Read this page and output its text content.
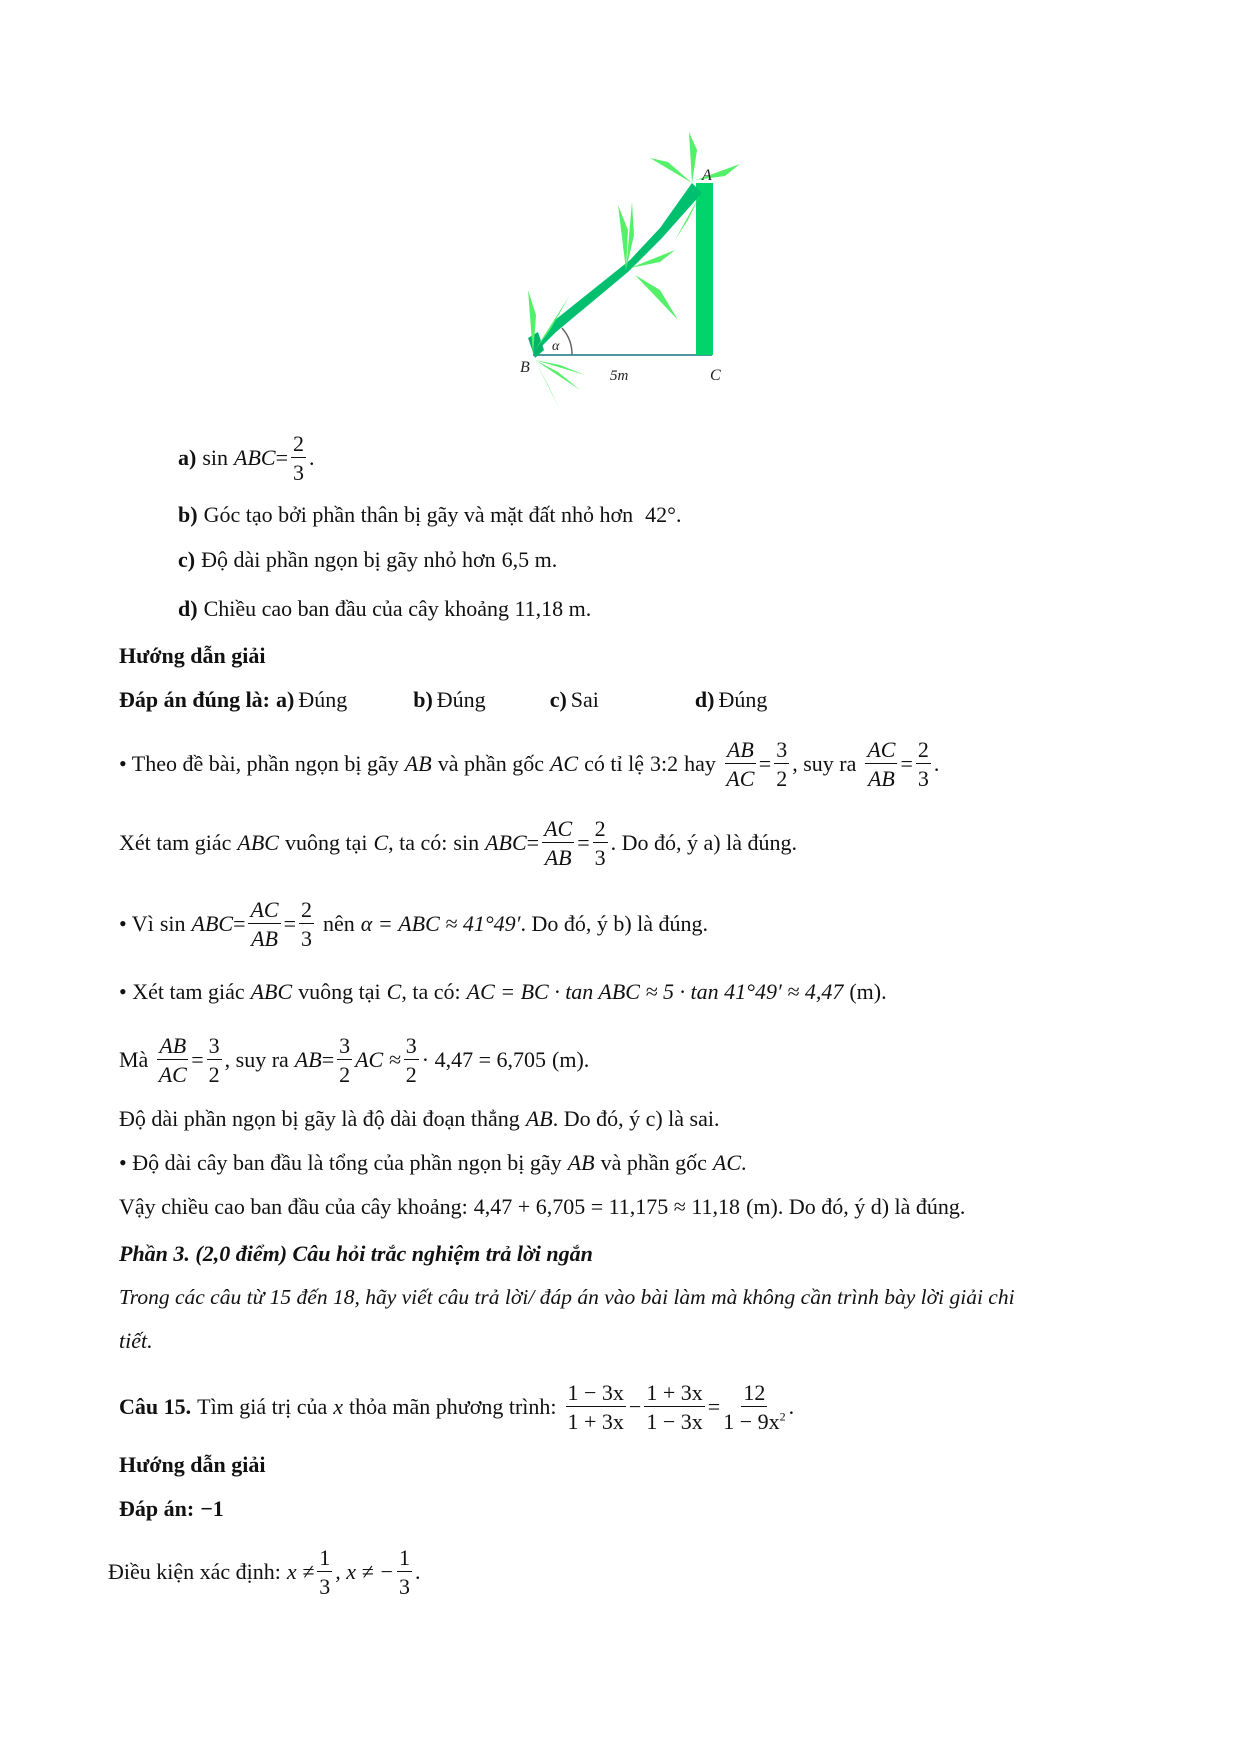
A
B	C
α
5m
a) sin ABC = $\frac{2}{3}$ .
b) Góc tạo bởi phần thân bị gãy và mặt đất nhỏ hơn 42° .
c) Độ dài phần ngọn bị gãy nhỏ hơn 6,5 m.
d) Chiều cao ban đầu của cây khoảng 11,18 m.
Hướng dẫn giải
Đáp án đúng là: a) Đúng	b) Đúng	c) Sai	d) Đúng
• Theo đề bài, phần ngọn bị gãy AB và phần gốc AC có tỉ lệ 3:2 hay $\frac{AB}{AC} = \frac{3}{2}$ , suy ra $\frac{AC}{AB} = \frac{2}{3}$ .
Xét tam giác ABC vuông tại C , ta có: sin ABC = $\frac{AC}{AB} = \frac{2}{3}$ . Do đó, ý a) là đúng.
• Vì sin ABC = $\frac{AC}{AB} = \frac{2}{3}$ nên α = ABC ≈ 41°49′ . Do đó, ý b) là đúng.
• Xét tam giác ABC vuông tại C , ta có: AC = BC · tan ABC ≈ 5 · tan 41°49′ ≈ 4,47 (m).
Mà $\frac{AB}{AC} = \frac{3}{2}$ , suy ra AB = $\frac{3}{2}$ AC ≈ $\frac{3}{2} \cdot 4,47 = 6,705$ (m).
Độ dài phần ngọn bị gãy là độ dài đoạn thẳng AB . Do đó, ý c) là sai.
• Độ dài cây ban đầu là tổng của phần ngọn bị gãy AB và phần gốc AC .
Vậy chiều cao ban đầu của cây khoảng: 4,47 + 6,705 = 11,175 ≈ 11,18 (m). Do đó, ý d) là đúng.
Phần 3. (2,0 điểm) Câu hỏi trắc nghiệm trả lời ngắn
Trong các câu từ 15 đến 18, hãy viết câu trả lời/ đáp án vào bài làm mà không cần trình bày lời giải chi
tiết.
Câu 15. Tìm giá trị của x thỏa mãn phương trình: $\frac{1 - 3x}{1 + 3x} - \frac{1 + 3x}{1 - 3x} = \frac{12}{1 - 9x^2}$ .
Hướng dẫn giải
Đáp án: −1
Điều kiện xác định: $x \ne \frac{1}{3}$ , x ≠ − $\frac{1}{3}$ .
